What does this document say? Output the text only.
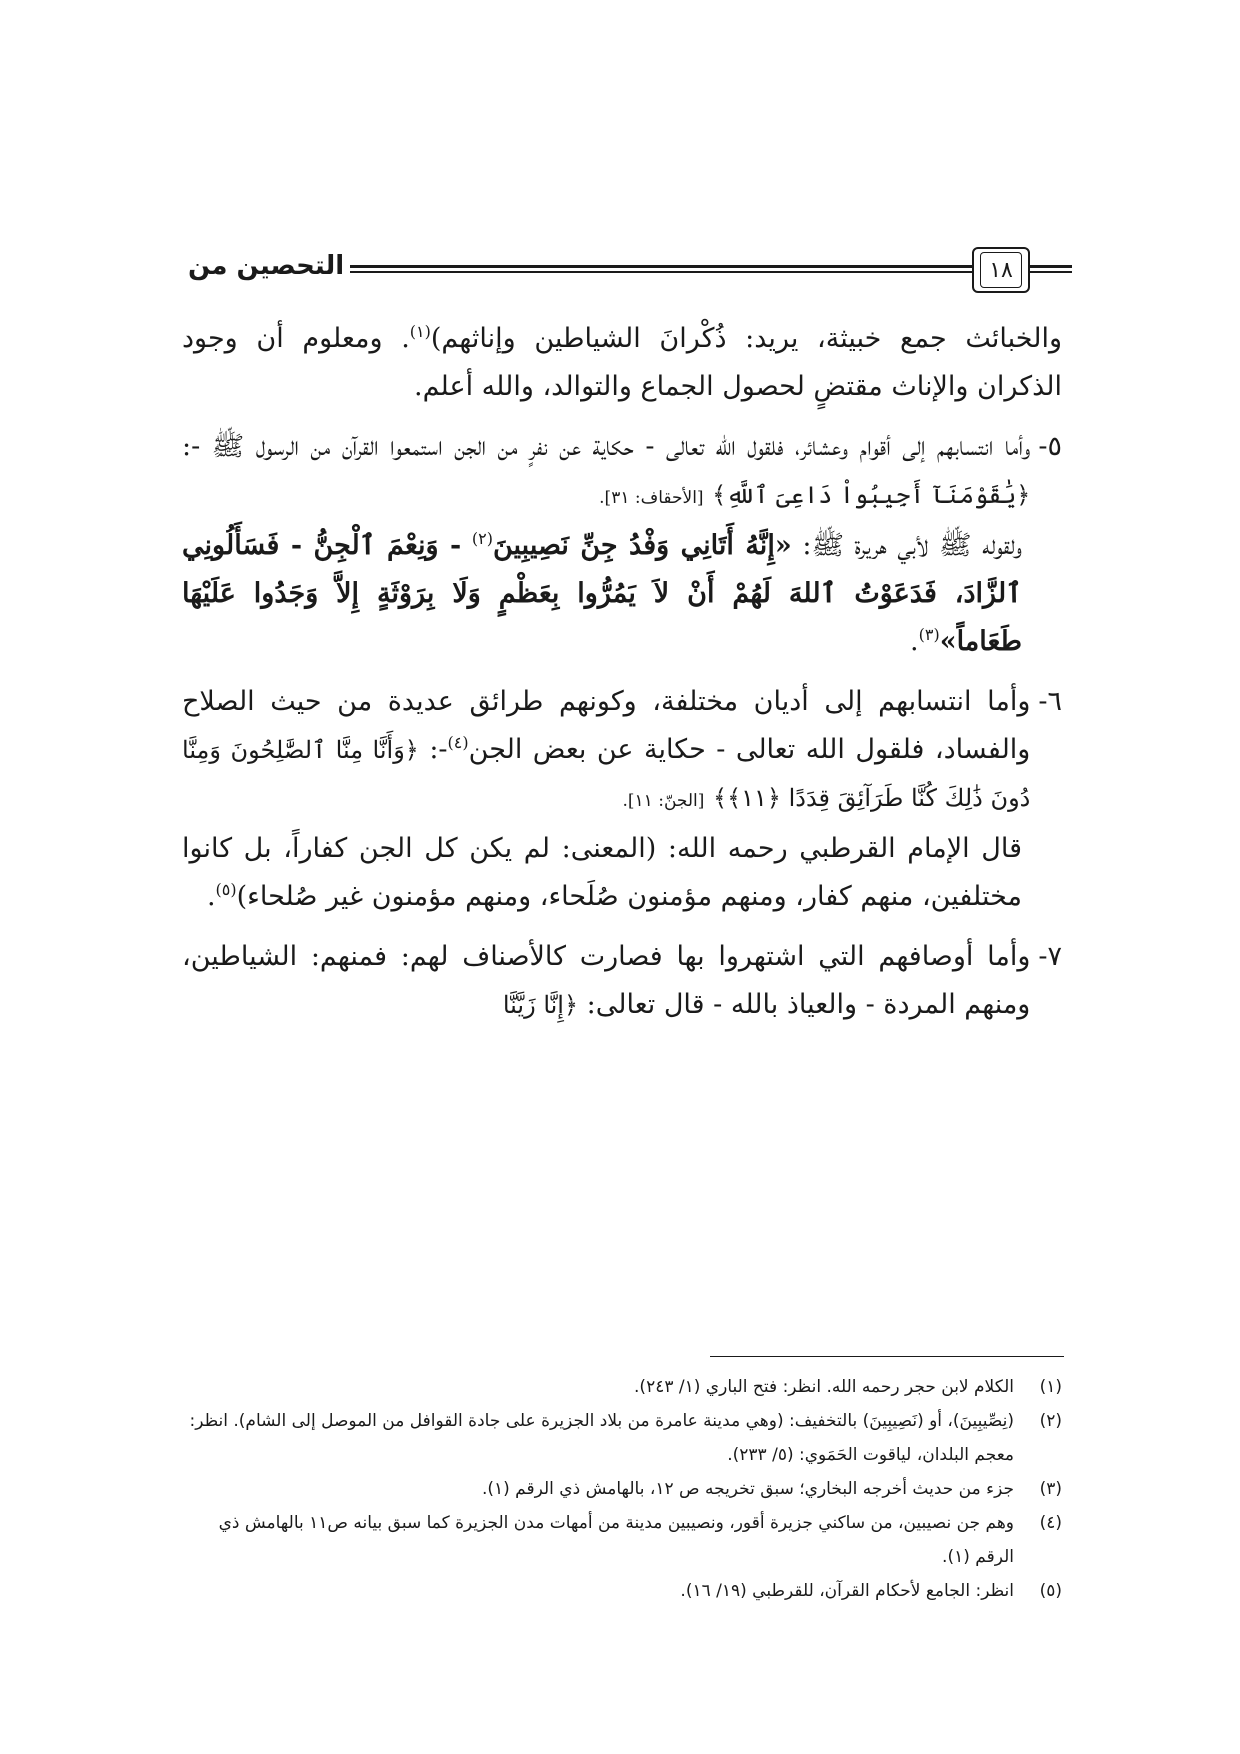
١٨
التحصين من

والخبائث جمع خبيثة، يريد: ذُكْرانَ الشياطين وإناثهم)$^{(١)}$. ومعلوم أن وجود الذكران والإناث مقتضٍ لحصول الجماع والتوالد، والله أعلم.

٥-
وأما انتسابهم إلى أقوام وعشائر، فلقول الله تعالى - حكاية عن نفرٍ من الجن استمعوا القرآن من الرسول ﷺ -: ﴿يَٰقَوْمَنَآ أَجِيبُواْ دَاعِىَ ٱللَّهِ﴾ [الأحقاف: ٣١].

ولقوله ﷺ لأبي هريرة ﷺ: «إِنَّهُ أَتَانِي وَفْدُ جِنِّ نَصِيبِينَ$^{(٢)}$ - وَنِعْمَ ٱلْجِنُّ - فَسَأَلُونِي ٱلزَّادَ، فَدَعَوْتُ ٱللهَ لَهُمْ أَنْ لاَ يَمُرُّوا بِعَظْمٍ وَلَا بِرَوْثَةٍ إِلاَّ وَجَدُوا عَلَيْهَا طَعَاماً»$^{(٣)}$.

٦-
وأما انتسابهم إلى أديان مختلفة، وكونهم طرائق عديدة من حيث الصلاح والفساد، فلقول الله تعالى - حكاية عن بعض الجن$^{(٤)}$-: ﴿وَأَنَّا مِنَّا ٱلصَّٰلِحُونَ وَمِنَّا دُونَ ذَٰلِكَ كُنَّا طَرَآئِقَ قِدَدًا ﴿١١﴾﴾ [الجنّ: ١١].

قال الإمام القرطبي رحمه الله: (المعنى: لم يكن كل الجن كفاراً، بل كانوا مختلفين، منهم كفار، ومنهم مؤمنون صُلَحاء، ومنهم مؤمنون غير صُلحاء)$^{(٥)}$.

٧-
وأما أوصافهم التي اشتهروا بها فصارت كالأصناف لهم: فمنهم: الشياطين، ومنهم المردة - والعياذ بالله - قال تعالى: ﴿إِنَّا زَيَّنَّا
(١)
الكلام لابن حجر رحمه الله. انظر: فتح الباري (١/ ٢٤٣).
(٢)
(نِصِّيبِينَ)، أو (نَصِيبِينَ) بالتخفيف: (وهي مدينة عامرة من بلاد الجزيرة على جادة القوافل من الموصل إلى الشام). انظر: معجم البلدان، لياقوت الحَمَوي: (٥/ ٢٣٣).
(٣)
جزء من حديث أخرجه البخاري؛ سبق تخريجه ص ١٢، بالهامش ذي الرقم (١).
(٤)
وهم جن نصيبين، من ساكني جزيرة أقور، ونصيبين مدينة من أمهات مدن الجزيرة كما سبق بيانه ص١١ بالهامش ذي الرقم (١).
(٥)
انظر: الجامع لأحكام القرآن، للقرطبي (١٩/ ١٦).
